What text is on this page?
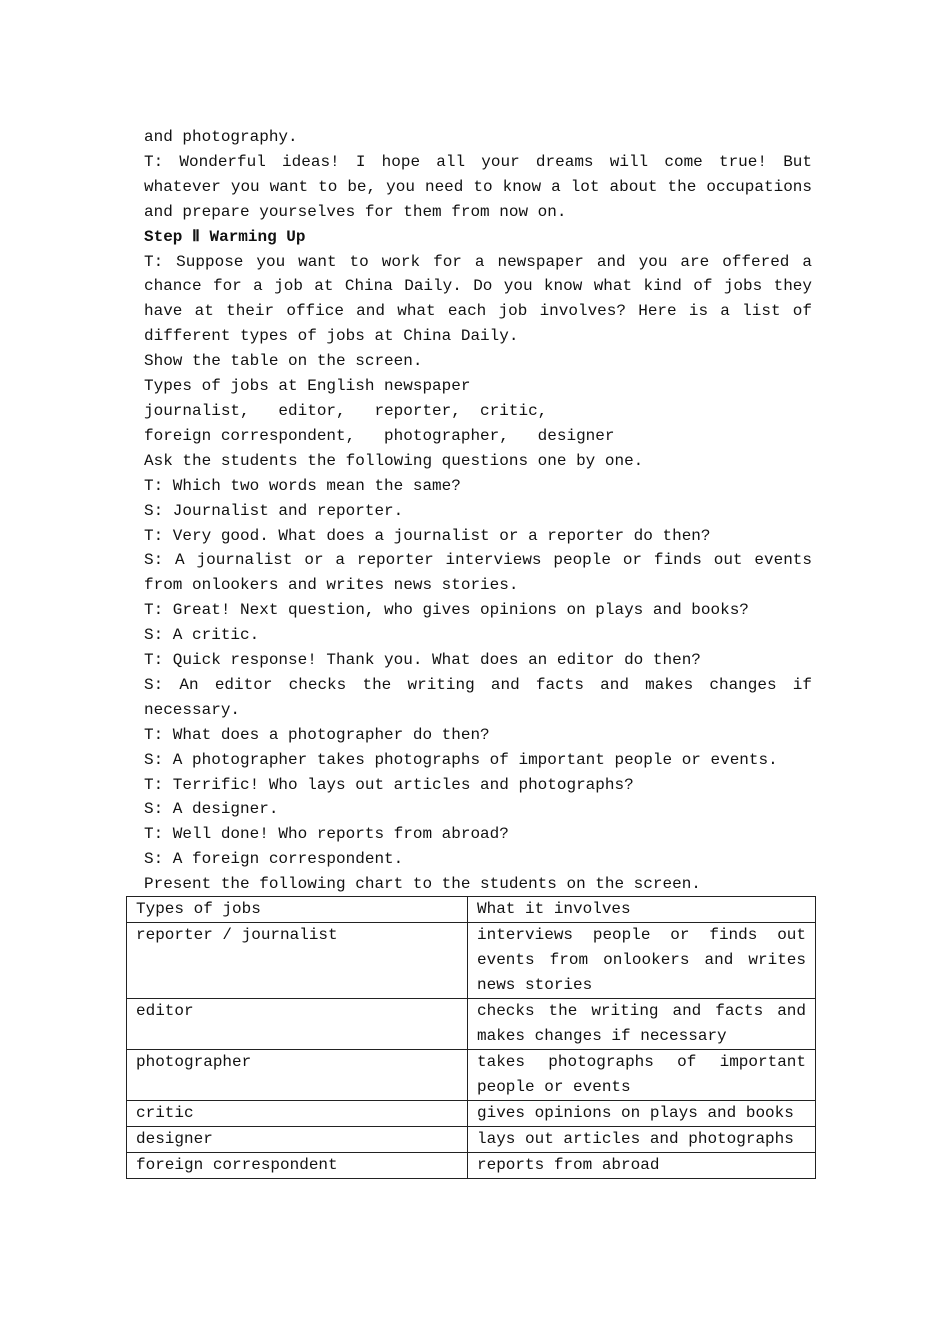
and photography.
T: Wonderful ideas! I hope all your dreams will come true! But
whatever you want to be, you need to know a lot about the occupations
and prepare yourselves for them from now on.
Step Ⅱ Warming Up
T: Suppose you want to work for a newspaper and you are offered a
chance for a job at China Daily. Do you know what kind of jobs they
have at their office and what each job involves? Here is a list of
different types of jobs at China Daily.
Show the table on the screen.
Types of jobs at English newspaper
journalist,   editor,   reporter,  critic,
foreign correspondent,   photographer,   designer
Ask the students the following questions one by one.
T: Which two words mean the same?
S: Journalist and reporter.
T: Very good. What does a journalist or a reporter do then?
S: A journalist or a reporter interviews people or finds out events
from onlookers and writes news stories.
T: Great! Next question, who gives opinions on plays and books?
S: A critic.
T: Quick response! Thank you. What does an editor do then?
S: An editor checks the writing and facts and makes changes if
necessary.
T: What does a photographer do then?
S: A photographer takes photographs of important people or events.
T: Terrific! Who lays out articles and photographs?
S: A designer.
T: Well done! Who reports from abroad?
S: A foreign correspondent.
Present the following chart to the students on the screen.
Types of jobs	What it involves
reporter / journalist	interviews people or finds out
events from onlookers and writes
news stories

editor	checks the writing and facts and
makes changes if necessary

photographer	takes photographs of important
people or events

critic	gives opinions on plays and books

designer	lays out articles and photographs

foreign correspondent	reports from abroad
